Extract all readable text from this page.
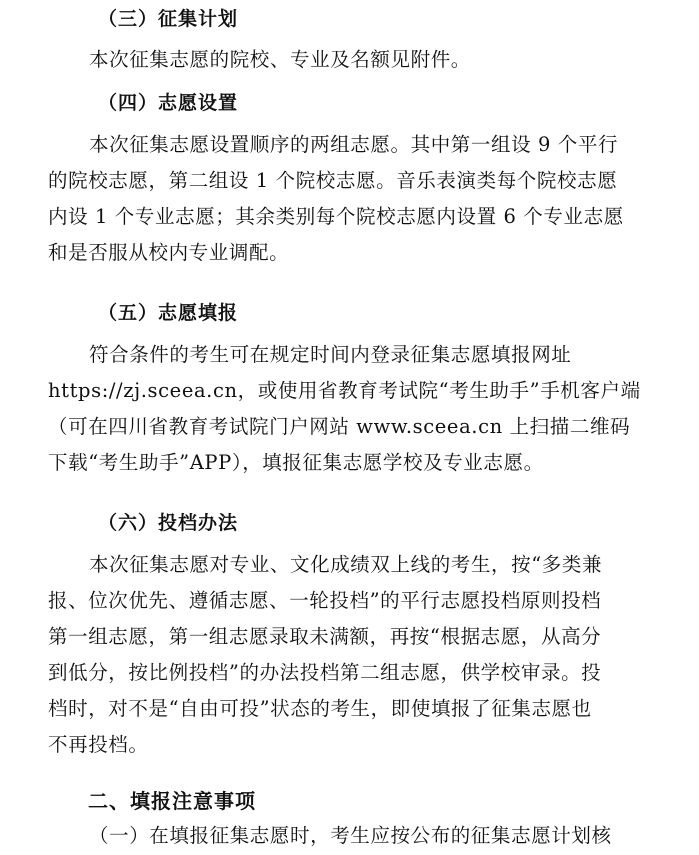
（三）征集计划
本次征集志愿的院校、专业及名额见附件。
（四）志愿设置
本次征集志愿设置顺序的两组志愿。其中第一组设 9 个平行
的院校志愿，第二组设 1 个院校志愿。音乐表演类每个院校志愿
内设 1 个专业志愿；其余类别每个院校志愿内设置 6 个专业志愿
和是否服从校内专业调配。
（五）志愿填报
符合条件的考生可在规定时间内登录征集志愿填报网址
https://zj.sceea.cn，或使用省教育考试院“考生助手”手机客户端
（可在四川省教育考试院门户网站 www.sceea.cn 上扫描二维码
下载“考生助手”APP），填报征集志愿学校及专业志愿。
（六）投档办法
本次征集志愿对专业、文化成绩双上线的考生，按“多类兼
报、位次优先、遵循志愿、一轮投档”的平行志愿投档原则投档
第一组志愿，第一组志愿录取未满额，再按“根据志愿，从高分
到低分，按比例投档”的办法投档第二组志愿，供学校审录。投
档时，对不是“自由可投”状态的考生，即使填报了征集志愿也
不再投档。
二、填报注意事项
（一）在填报征集志愿时，考生应按公布的征集志愿计划核
